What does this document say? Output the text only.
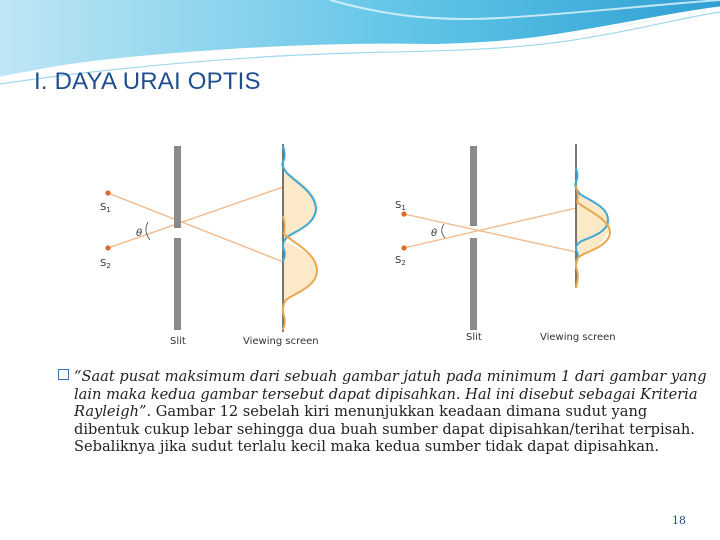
I. DAYA URAI OPTIS
$S_1$
$S_2$
θ
Slit	Viewing screen
$S_1$
$S_2$
θ
Slit	Viewing screen
“Saat pusat maksimum dari sebuah gambar jatuh pada minimum 1 dari gambar yang lain maka kedua gambar tersebut dapat dipisahkan. Hal ini disebut sebagai Kriteria Rayleigh”. Gambar 12 sebelah kiri menunjukkan keadaan dimana sudut yang dibentuk cukup lebar sehingga dua buah sumber dapat dipisahkan/terihat terpisah. Sebaliknya jika sudut terlalu kecil maka kedua sumber tidak dapat dipisahkan.
18
